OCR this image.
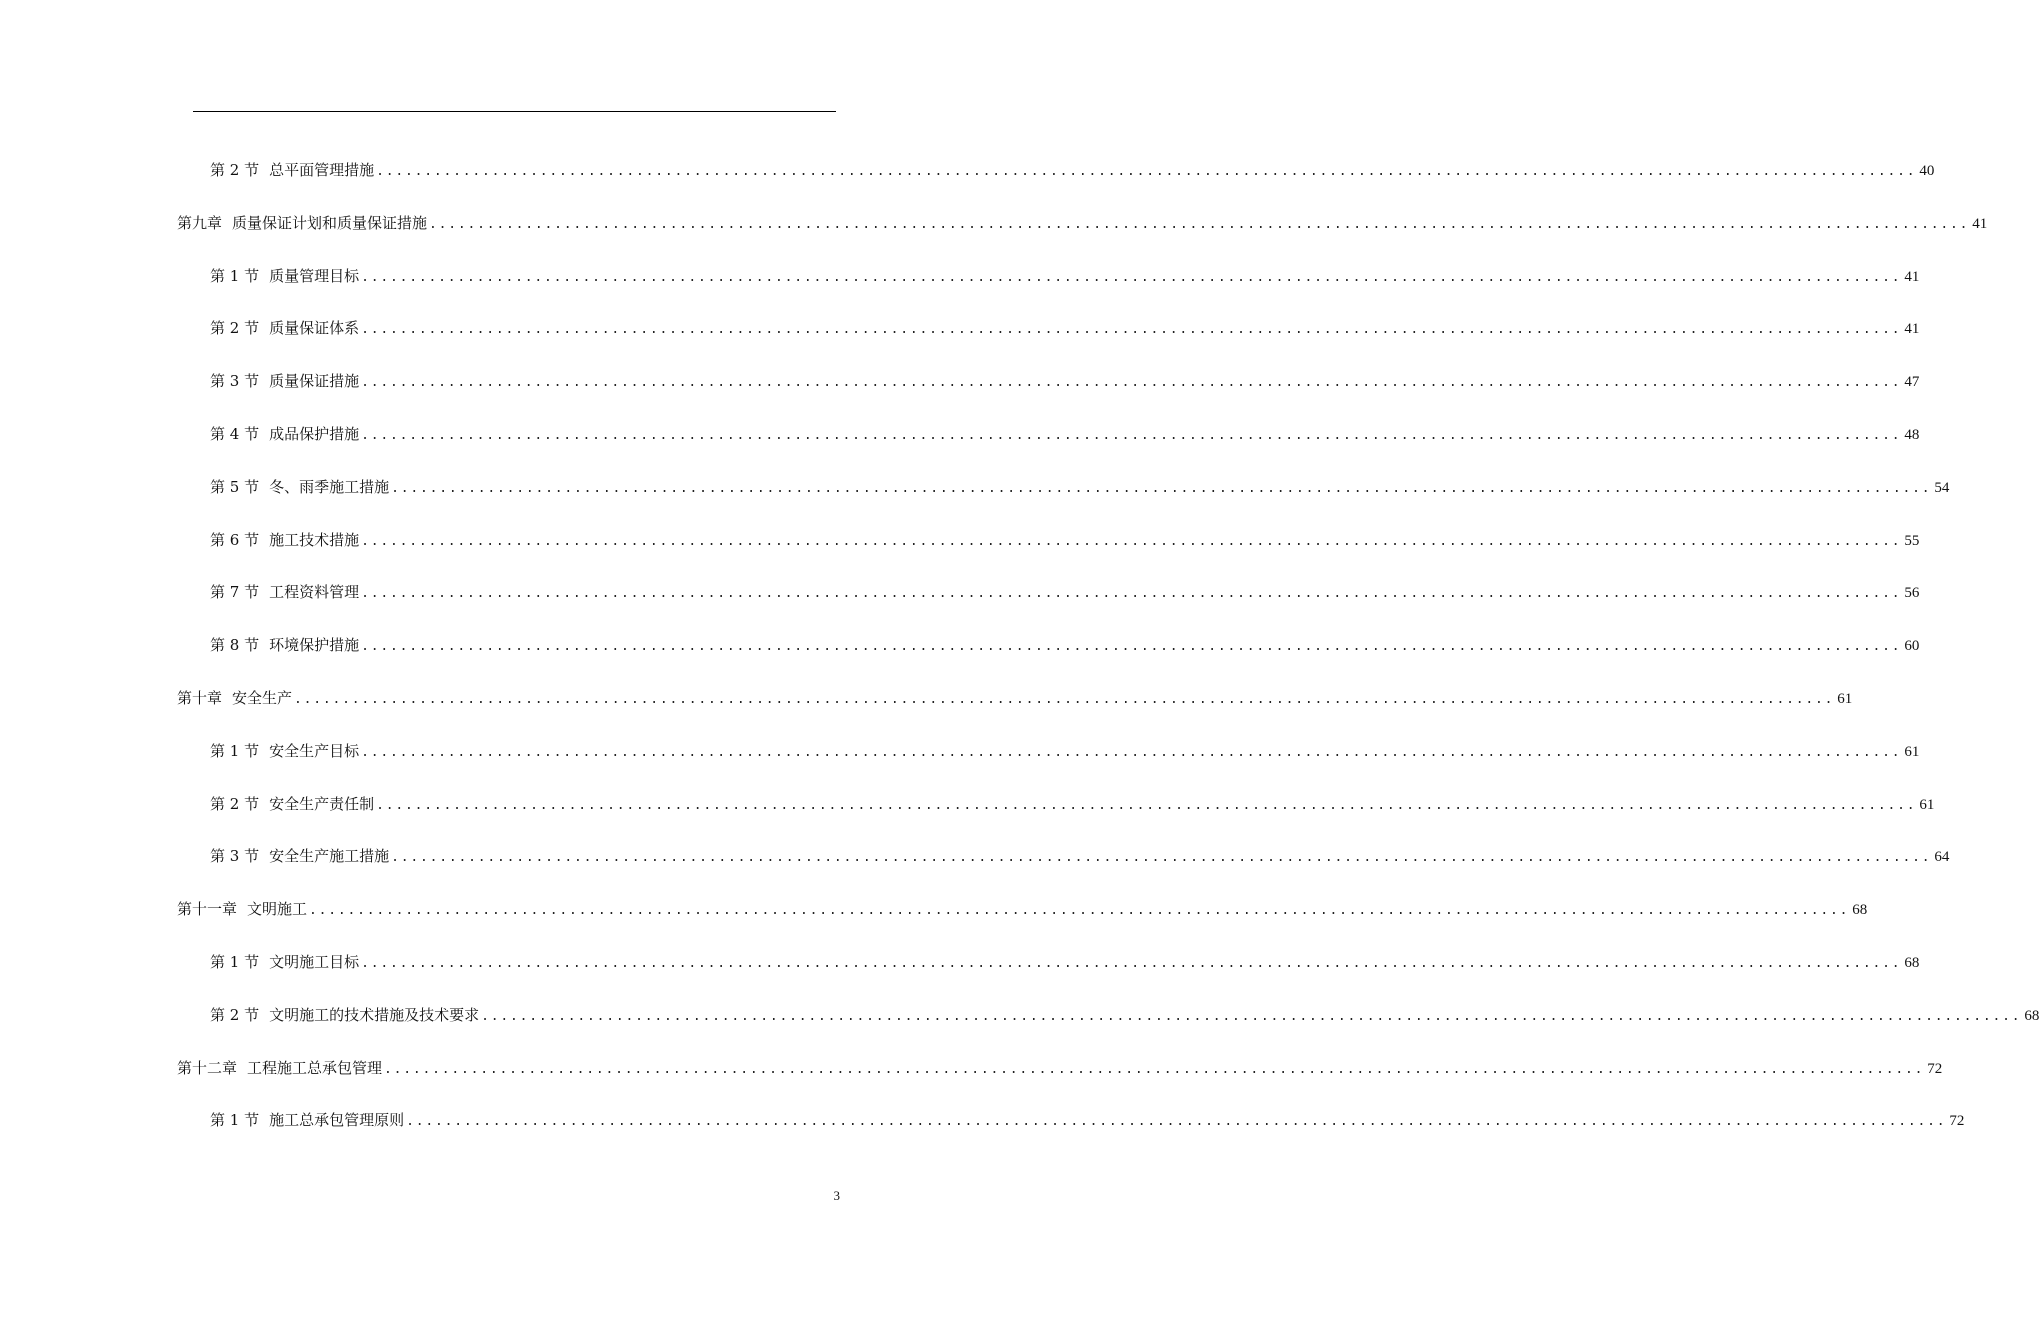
第 2 节 总平面管理措施 ................................................................................................................................................................ 40
第九章 质量保证计划和质量保证措施 ................................................................................................................................................................ 41
第 1 节 质量管理目标 ................................................................................................................................................................ 41
第 2 节 质量保证体系 ................................................................................................................................................................ 41
第 3 节 质量保证措施 ................................................................................................................................................................ 47
第 4 节 成品保护措施 ................................................................................................................................................................ 48
第 5 节 冬、雨季施工措施 ................................................................................................................................................................ 54
第 6 节 施工技术措施 ................................................................................................................................................................ 55
第 7 节 工程资料管理 ................................................................................................................................................................ 56
第 8 节 环境保护措施 ................................................................................................................................................................ 60
第十章 安全生产 ................................................................................................................................................................ 61
第 1 节 安全生产目标 ................................................................................................................................................................ 61
第 2 节 安全生产责任制 ................................................................................................................................................................ 61
第 3 节 安全生产施工措施 ................................................................................................................................................................ 64
第十一章 文明施工 ................................................................................................................................................................ 68
第 1 节 文明施工目标 ................................................................................................................................................................ 68
第 2 节 文明施工的技术措施及技术要求 ................................................................................................................................................................ 68
第十二章 工程施工总承包管理 ................................................................................................................................................................ 72
第 1 节 施工总承包管理原则 ................................................................................................................................................................ 72
3
